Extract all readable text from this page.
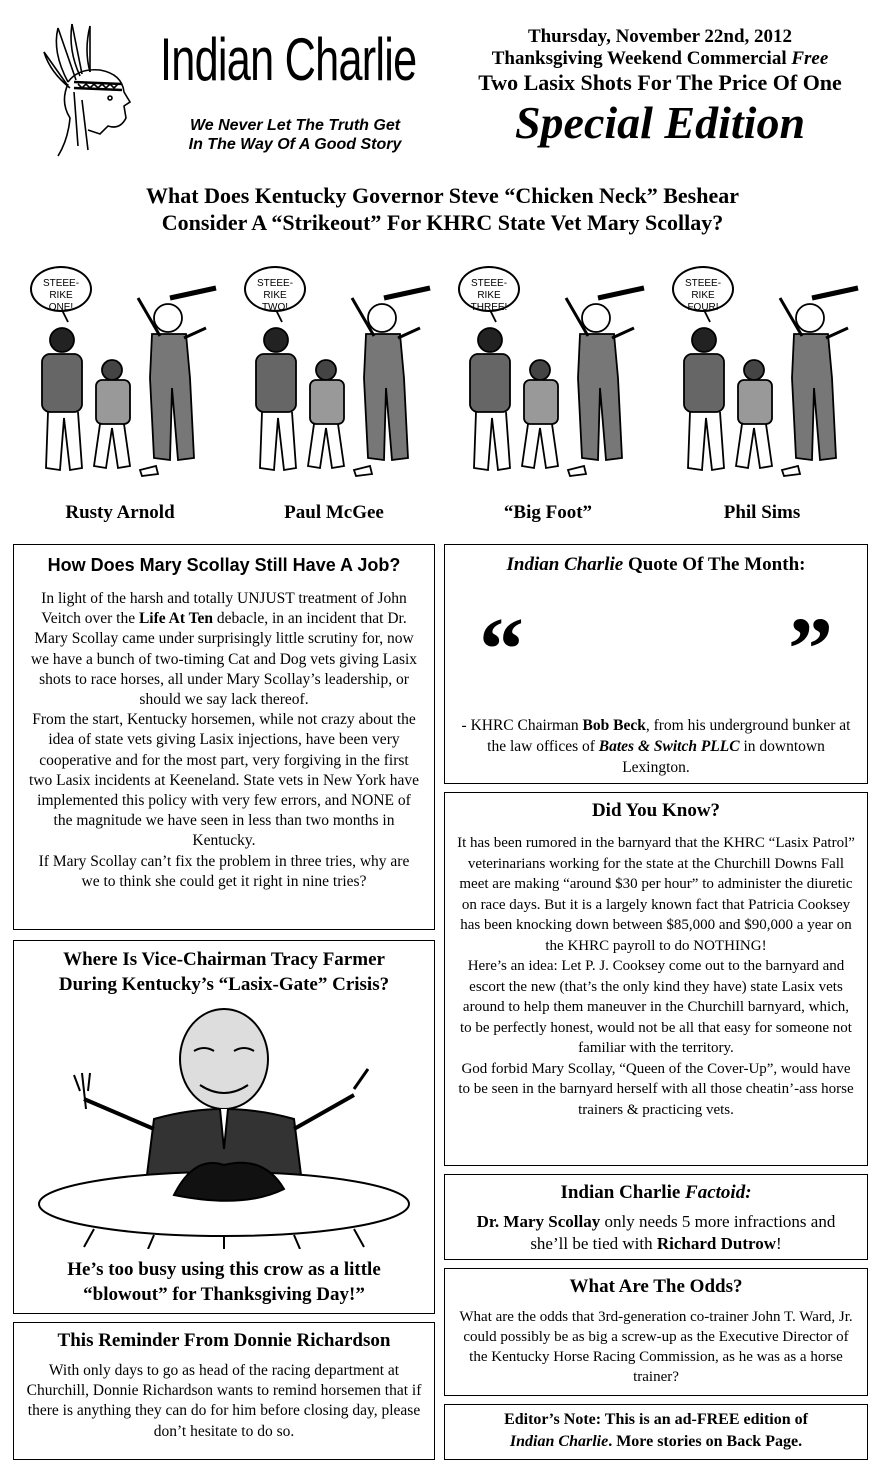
Indian Charlie
We Never Let The Truth Get
In The Way Of A Good Story
Thursday, November 22nd, 2012
Thanksgiving Weekend Commercial Free
Two Lasix Shots For The Price Of One
Special Edition
What Does Kentucky Governor Steve “Chicken Neck” Beshear
Consider A “Strikeout” For KHRC State Vet Mary Scollay?
STEEE-RIKE
ONE!
STEEE-RIKE
TWO!
STEEE-RIKE
THREE!
STEEE-RIKE
FOUR!
Rusty Arnold	Paul McGee	“Big Foot”	Phil Sims
How Does Mary Scollay Still Have A Job?

In light of the harsh and totally UNJUST treatment of John Veitch over the Life At Ten debacle, in an incident that Dr. Mary Scollay came under surprisingly little scrutiny for, now we have a bunch of two-timing Cat and Dog vets giving Lasix shots to race horses, all under Mary Scollay’s leadership, or should we say lack thereof.

From the start, Kentucky horsemen, while not crazy about the idea of state vets giving Lasix injections, have been very cooperative and for the most part, very forgiving in the first two Lasix incidents at Keeneland. State vets in New York have implemented this policy with very few errors, and NONE of the magnitude we have seen in less than two months in Kentucky.

If Mary Scollay can’t fix the problem in three tries, why are we to think she could get it right in nine tries?

Where Is Vice-Chairman Tracy Farmer
During Kentucky’s “Lasix-Gate” Crisis?
He’s too busy using this crow as a little
“blowout” for Thanksgiving Day!”
This Reminder From Donnie Richardson

With only days to go as head of the racing department at Churchill, Donnie Richardson wants to remind horsemen that if there is anything they can do for him before closing day, please don’t hesitate to do so.

Indian Charlie Quote Of The Month:
“	”
- KHRC Chairman Bob Beck, from his underground bunker at the law offices of Bates & Switch PLLC in downtown Lexington.
Did You Know?

It has been rumored in the barnyard that the KHRC “Lasix Patrol” veterinarians working for the state at the Churchill Downs Fall meet are making “around $30 per hour” to administer the diuretic on race days. But it is a largely known fact that Patricia Cooksey has been knocking down between $85,000 and $90,000 a year on the KHRC payroll to do NOTHING!

Here’s an idea: Let P. J. Cooksey come out to the barnyard and escort the new (that’s the only kind they have) state Lasix vets around to help them maneuver in the Churchill barnyard, which, to be perfectly honest, would not be all that easy for someone not familiar with the territory.

God forbid Mary Scollay, “Queen of the Cover-Up”, would have to be seen in the barnyard herself with all those cheatin’-ass horse trainers & practicing vets.

Indian Charlie Factoid:

Dr. Mary Scollay only needs 5 more infractions and she’ll be tied with Richard Dutrow!

What Are The Odds?

What are the odds that 3rd-generation co-trainer John T. Ward, Jr. could possibly be as big a screw-up as the Executive Director of the Kentucky Horse Racing Commission, as he was as a horse trainer?

Editor’s Note: This is an ad-FREE edition of
Indian Charlie. More stories on Back Page.
